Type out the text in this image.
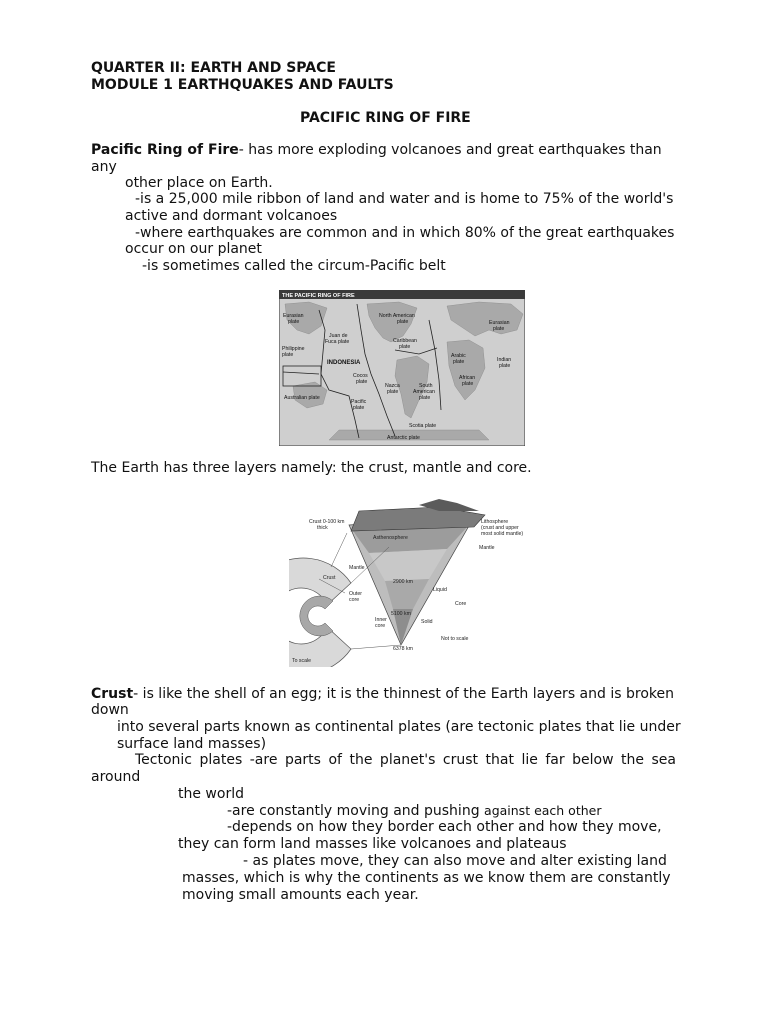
QUARTER II: EARTH AND SPACE
MODULE 1 EARTHQUAKES AND FAULTS
PACIFIC RING OF FIRE
Pacific Ring of Fire- has more exploding volcanoes and great earthquakes than
any
other place on Earth.
-is a 25,000 mile ribbon of land and water and is home to 75% of the world's
active and dormant volcanoes
-where earthquakes are common and in which 80% of the great earthquakes
occur on our planet
-is sometimes called the circum-Pacific belt
THE PACIFIC RING OF FIRE
Eurasian plate
North American plate	Eurasian plate
Juan de Fuca plate
Philippine plate
Caribbean plate
INDONESIA
Arabic plate	Indian plate
Cocos plate
African plate
Nazca plate
South American plate
Australian plate
Pacific plate
Scotia plate
Antarctic plate
The Earth has three layers namely: the crust, mantle and core.
Crust 0-100 km thick
Lithosphere (crust and upper most solid mantle)
Asthenosphere
Mantle
Mantle
Crust
2900 km
Outer core
Liquid
Core
5100 km
Inner core
Solid
Not to scale
6378 km
To scale
Crust- is like the shell of an egg; it is the thinnest of the Earth layers and is broken
down
into several parts known as continental plates (are tectonic plates that lie under
surface land masses)
Tectonic plates -are parts of the planet's crust that lie far below the sea
around
the world
-are constantly moving and pushing against each other
-depends on how they border each other and how they move,
they can form land masses like volcanoes and plateaus
- as plates move, they can also move and alter existing land
masses, which is why the continents as we know them are constantly
moving small amounts each year.
